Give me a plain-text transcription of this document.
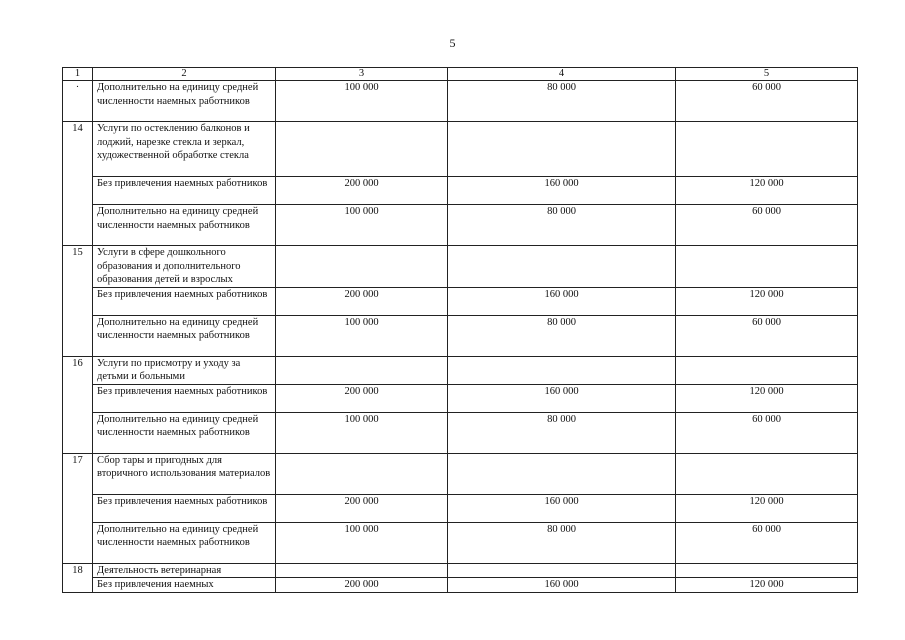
5
1	2	3	4	5
·	Дополнительно на единицу средней численности наемных работников	100 000	80 000	60 000
14	Услуги по остеклению балконов и лоджий, нарезке стекла и зеркал, художественной обработке стекла			
	Без привлечения наемных работников	200 000	160 000	120 000
	Дополнительно на единицу средней численности наемных работников	100 000	80 000	60 000
15	Услуги в сфере дошкольного образования и дополнительного образования детей и взрослых			
	Без привлечения наемных работников	200 000	160 000	120 000
	Дополнительно на единицу средней численности наемных работников	100 000	80 000	60 000
16	Услуги по присмотру и уходу за детьми и больными			
	Без привлечения наемных работников	200 000	160 000	120 000
	Дополнительно на единицу средней численности наемных работников	100 000	80 000	60 000
17	Сбор тары и пригодных для вторичного использования материалов			
	Без привлечения наемных работников	200 000	160 000	120 000
	Дополнительно на единицу средней численности наемных работников	100 000	80 000	60 000
18	Деятельность ветеринарная			
	Без привлечения наемных	200 000	160 000	120 000
